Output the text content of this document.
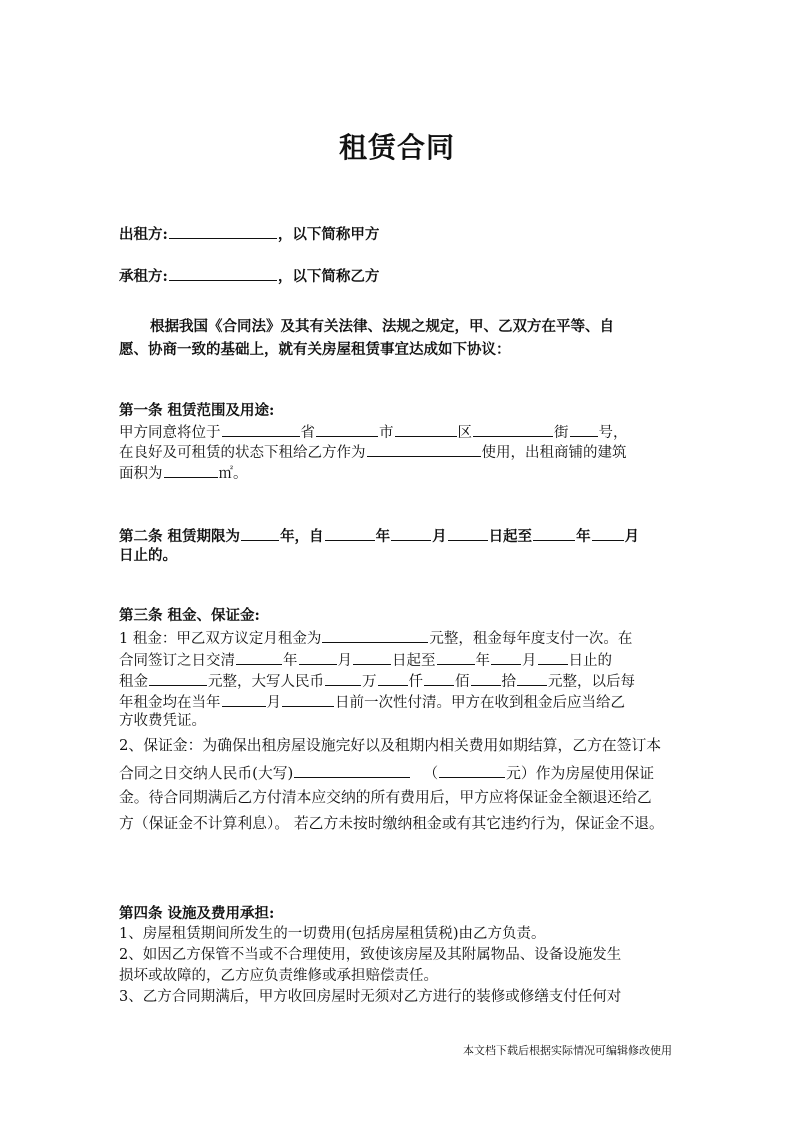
租赁合同
出租方:	，以下简称甲方
承租方:	，以下简称乙方
根据我国《合同法》及其有关法律、法规之规定，甲、乙双方在平等、自
愿、协商一致的基础上，就有关房屋租赁事宜达成如下协议：
第一条 租赁范围及用途:
甲方同意将位于	省	市	区	街 号，
在良好及可租赁的状态下租给乙方作为	使用，出租商铺的建筑
面积为	㎡。
第二条 租赁期限为	年，自	年	月	日起至	年 月
日止的。
第三条 租金、保证金:
1 租金：甲乙双方议定月租金为	元整，租金每年度支付一次。在
合同签订之日交清	年	月	日起至	年 月 日止的
租金	元整，大写人民币	万 仟 佰 拾 元整，以后每
年租金均在当年	月	日前一次性付清。甲方在收到租金后应当给乙
方收费凭证。
2、保证金：为确保出租房屋设施完好以及租期内相关费用如期结算，乙方在签订本
合同之日交纳人民币(大写)	（	元）作为房屋使用保证
金。待合同期满后乙方付清本应交纳的所有费用后，甲方应将保证金全额退还给乙
方（保证金不计算利息）。 若乙方未按时缴纳租金或有其它违约行为，保证金不退。
第四条 设施及费用承担:
1、房屋租赁期间所发生的一切费用(包括房屋租赁税)由乙方负责。
2、如因乙方保管不当或不合理使用，致使该房屋及其附属物品、设备设施发生
损坏或故障的，乙方应负责维修或承担赔偿责任。
3、乙方合同期满后，甲方收回房屋时无须对乙方进行的装修或修缮支付任何对
本文档下载后根据实际情况可编辑修改使用
